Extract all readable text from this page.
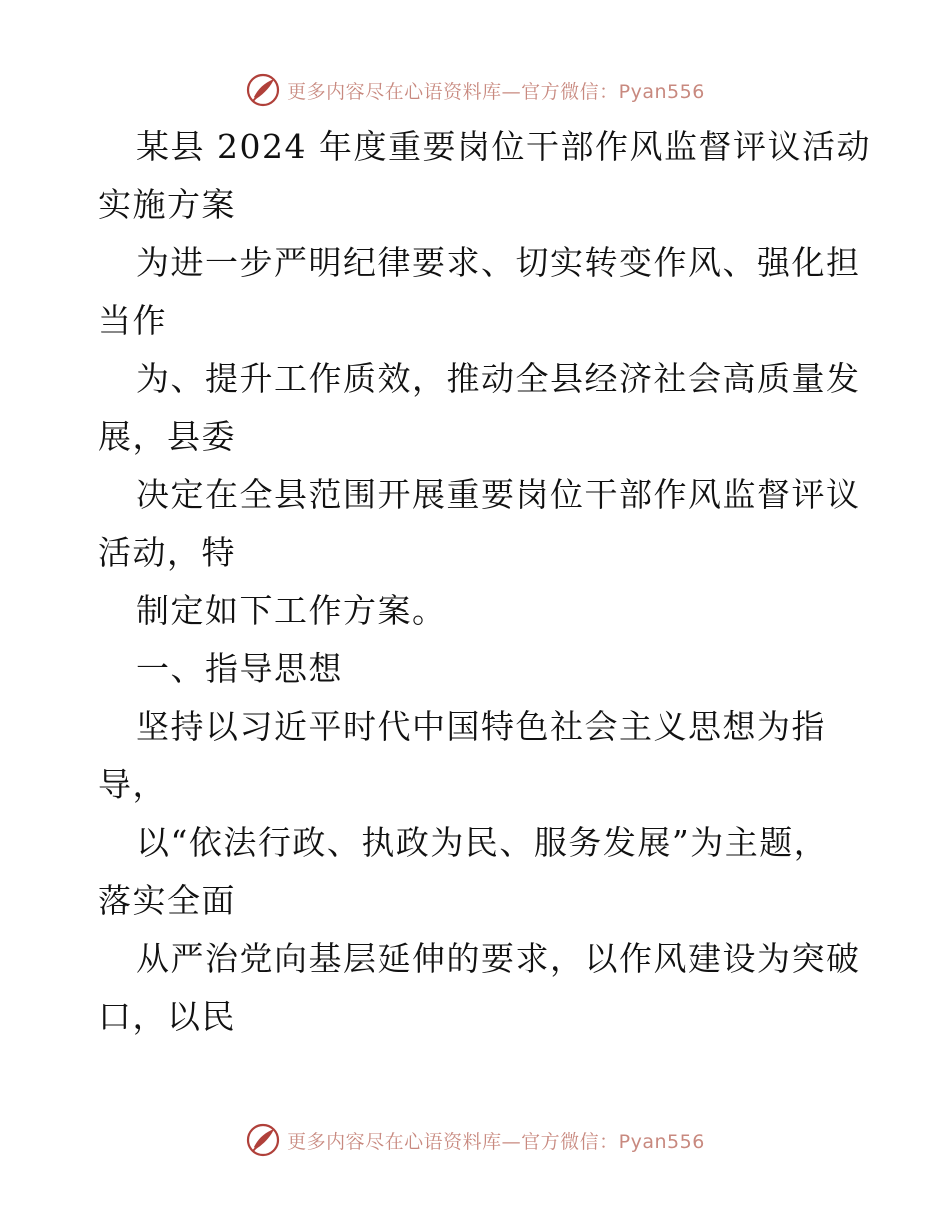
更多内容尽在心语资料库—官方微信：Pyan556
某县 2024 年度重要岗位干部作风监督评议活动
实施方案
为进一步严明纪律要求、切实转变作风、强化担
当作
为、提升工作质效，推动全县经济社会高质量发
展，县委
决定在全县范围开展重要岗位干部作风监督评议
活动，特
制定如下工作方案。
一、指导思想
坚持以习近平时代中国特色社会主义思想为指
导，
以“依法行政、执政为民、服务发展”为主题，
落实全面
从严治党向基层延伸的要求，以作风建设为突破
口，以民
更多内容尽在心语资料库—官方微信：Pyan556
